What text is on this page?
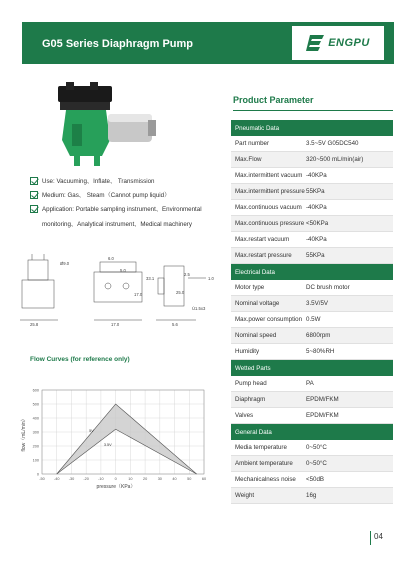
G05 Series Diaphragm Pump	ENGPU
Use: Vacuuming、Inflate、 Transmission
Medium: Gas、 Steam（Cannot pump liquid）
Application: Portable sampling instrument、Environmental
monitoring、Analytical instrument、Medical machinery
Ø9.0
6.0
5.0
33.1
17.0
25.8	17.0
2.5
1.0
25.0
5.6
Ù1.5x3
Flow Curves (for reference only)
-50 -40 -30 -20 -10	0	10	20	30	40	50	60
0
100
200
300
400
500
600
5V
3.5V
pressure（KPa）
flow（mL/min）
Product Parameter
Pneumatic Data
Part number	3.5~5V G05DC540
Max.Flow	320~500 mL/min(air)
Max.intermittent vacuum -40KPa
Max.intermittent pressure 55KPa
Max.continuous vacuum -40KPa
Max.continuous pressure <50KPa
Max.restart vacuum	-40KPa
Max.restart pressure	55KPa
Electrical Data
Motor type	DC brush motor
Nominal voltage	3.5V/5V
Max.power consumption 0.5W
Nominal speed	6800rpm
Humidity	5~80%RH
Wetted Parts
Pump head	PA
Diaphragm	EPDM/FKM
Valves	EPDM/FKM
General Data
Media temperature	0~50°C
Ambient temperature	0~50°C
Mechanicalness noise	<50dB
Weight	16g
04
